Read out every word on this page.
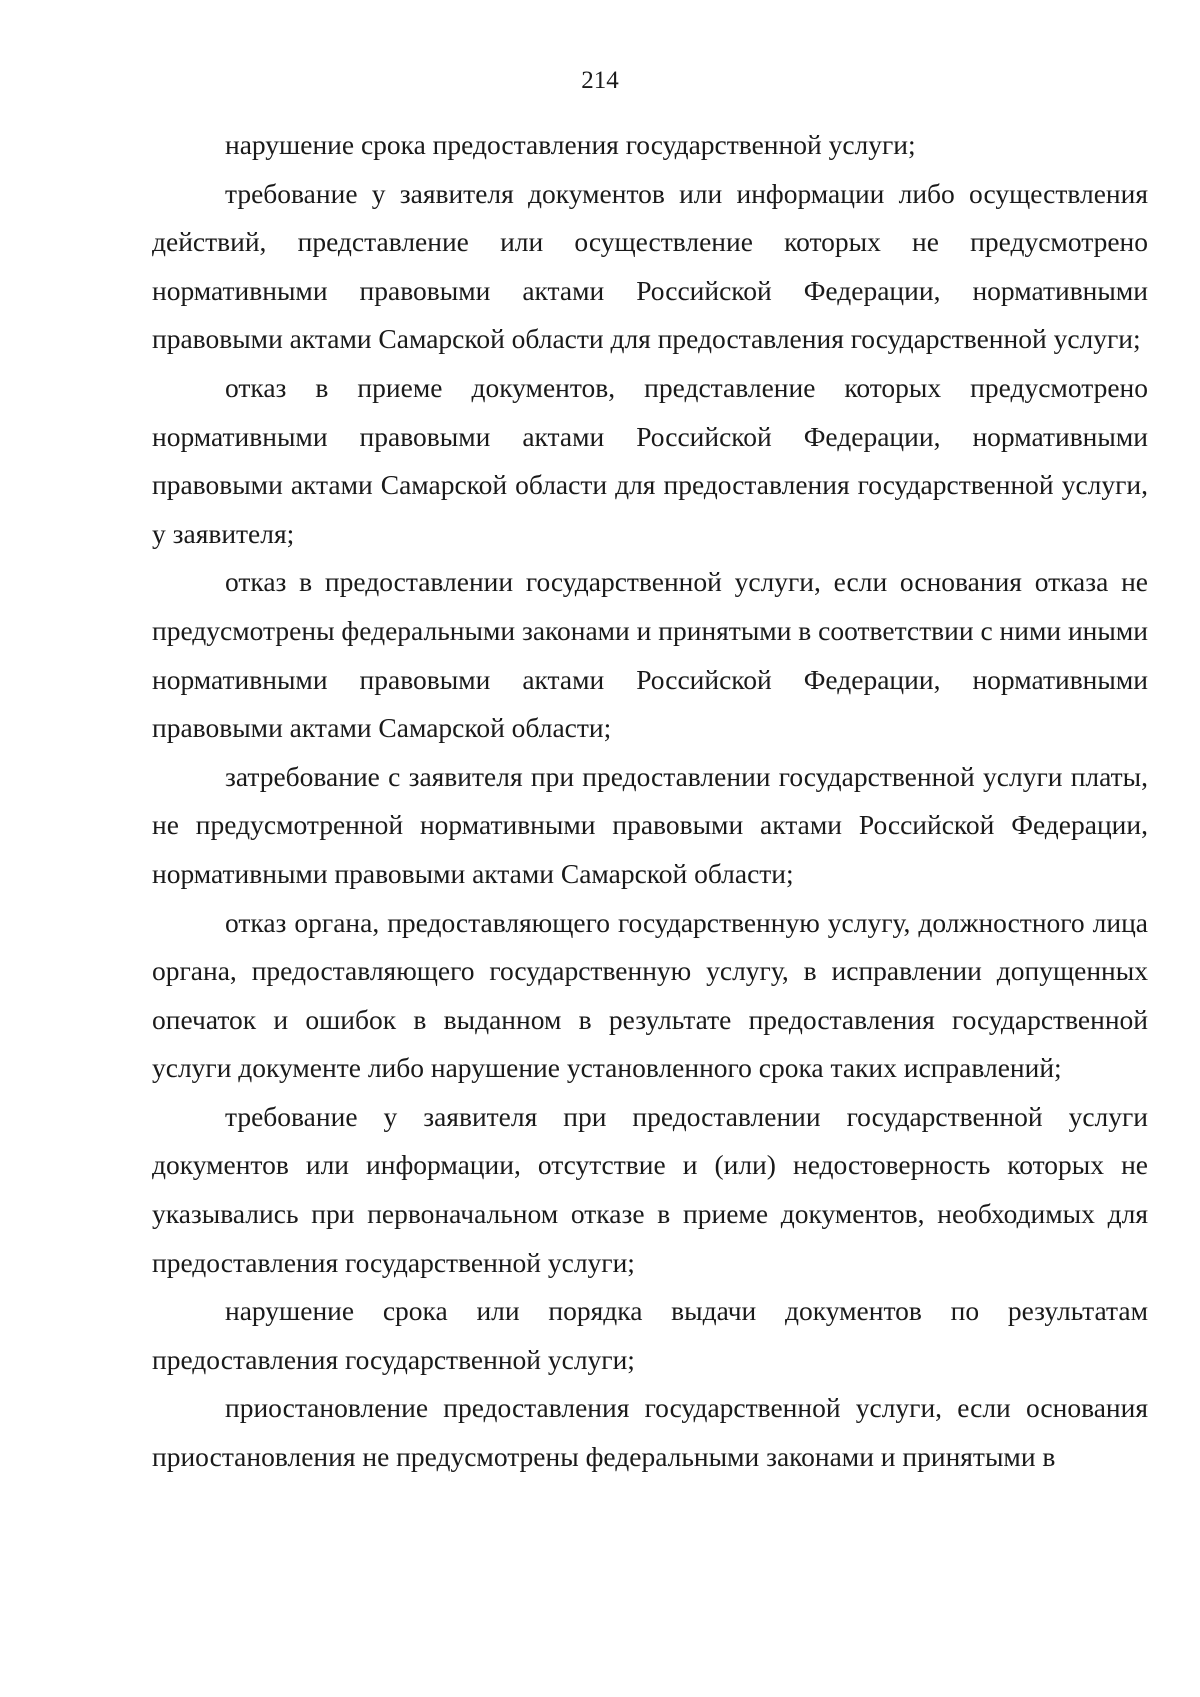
214

нарушение срока предоставления государственной услуги;

требование у заявителя документов или информации либо осуществления действий, представление или осуществление которых не предусмотрено нормативными правовыми актами Российской Федерации, нормативными правовыми актами Самарской области для предоставления государственной услуги;

отказ в приеме документов, представление которых предусмотрено нормативными правовыми актами Российской Федерации, нормативными правовыми актами Самарской области для предоставления государственной услуги, у заявителя;

отказ в предоставлении государственной услуги, если основания отказа не предусмотрены федеральными законами и принятыми в соответствии с ними иными нормативными правовыми актами Российской Федерации, нормативными правовыми актами Самарской области;

затребование с заявителя при предоставлении государственной услуги платы, не предусмотренной нормативными правовыми актами Российской Федерации, нормативными правовыми актами Самарской области;

отказ органа, предоставляющего государственную услугу, должностного лица органа, предоставляющего государственную услугу, в исправлении допущенных опечаток и ошибок в выданном в результате предоставления государственной услуги документе либо нарушение установленного срока таких исправлений;

требование у заявителя при предоставлении государственной услуги документов или информации, отсутствие и (или) недостоверность которых не указывались при первоначальном отказе в приеме документов, необходимых для предоставления государственной услуги;

нарушение срока или порядка выдачи документов по результатам предоставления государственной услуги;

приостановление предоставления государственной услуги, если основания приостановления не предусмотрены федеральными законами и принятыми в
